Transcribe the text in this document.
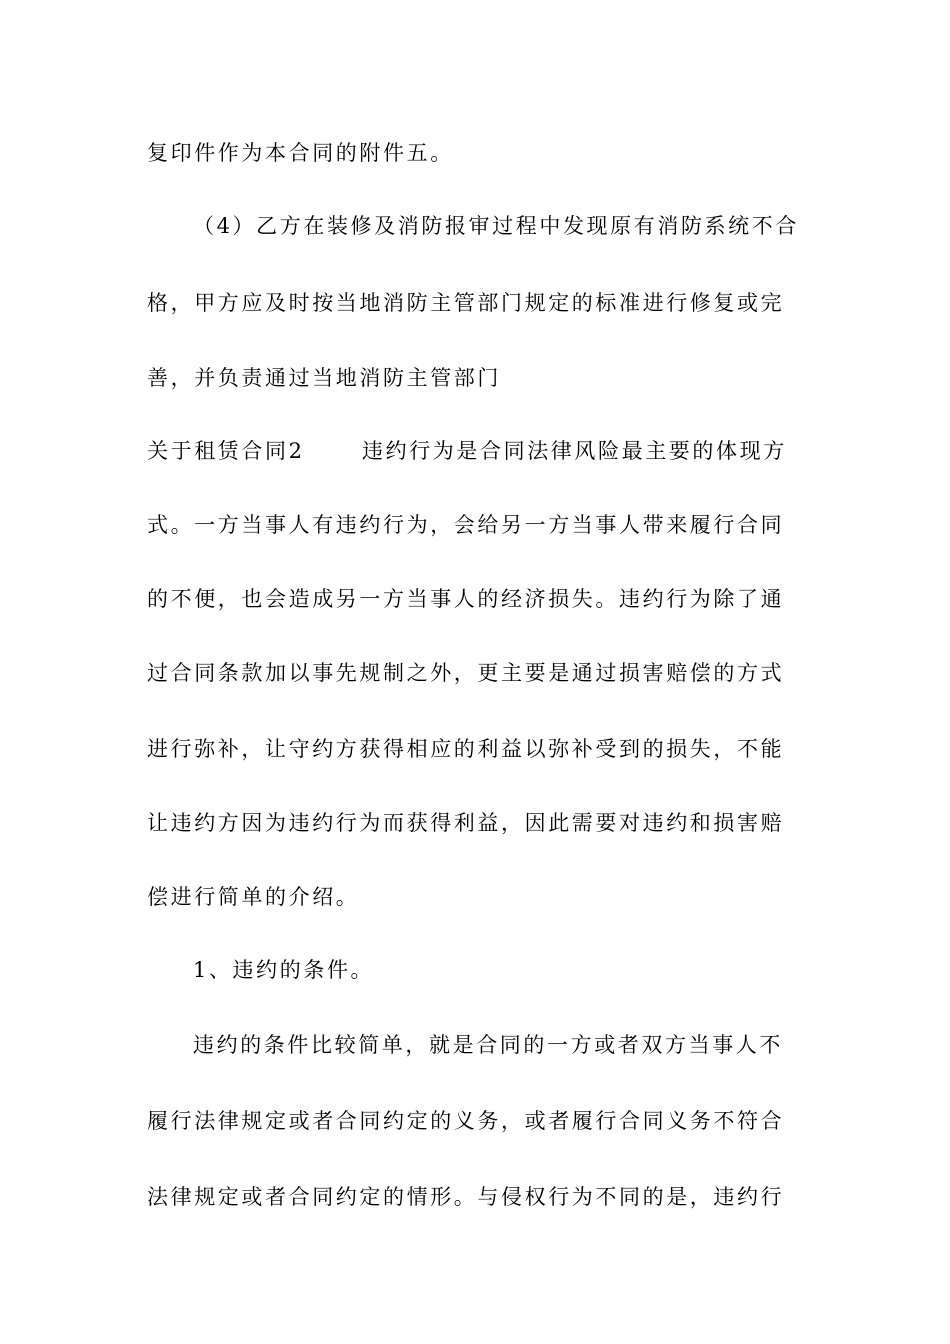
复印件作为本合同的附件五。
（4）乙方在装修及消防报审过程中发现原有消防系统不合
格，甲方应及时按当地消防主管部门规定的标准进行修复或完
善，并负责通过当地消防主管部门
关于租赁合同2	违约行为是合同法律风险最主要的体现方
式。一方当事人有违约行为，会给另一方当事人带来履行合同
的不便，也会造成另一方当事人的经济损失。违约行为除了通
过合同条款加以事先规制之外，更主要是通过损害赔偿的方式
进行弥补，让守约方获得相应的利益以弥补受到的损失，不能
让违约方因为违约行为而获得利益，因此需要对违约和损害赔
偿进行简单的介绍。
1、违约的条件。
违约的条件比较简单，就是合同的一方或者双方当事人不
履行法律规定或者合同约定的义务，或者履行合同义务不符合
法律规定或者合同约定的情形。与侵权行为不同的是，违约行
